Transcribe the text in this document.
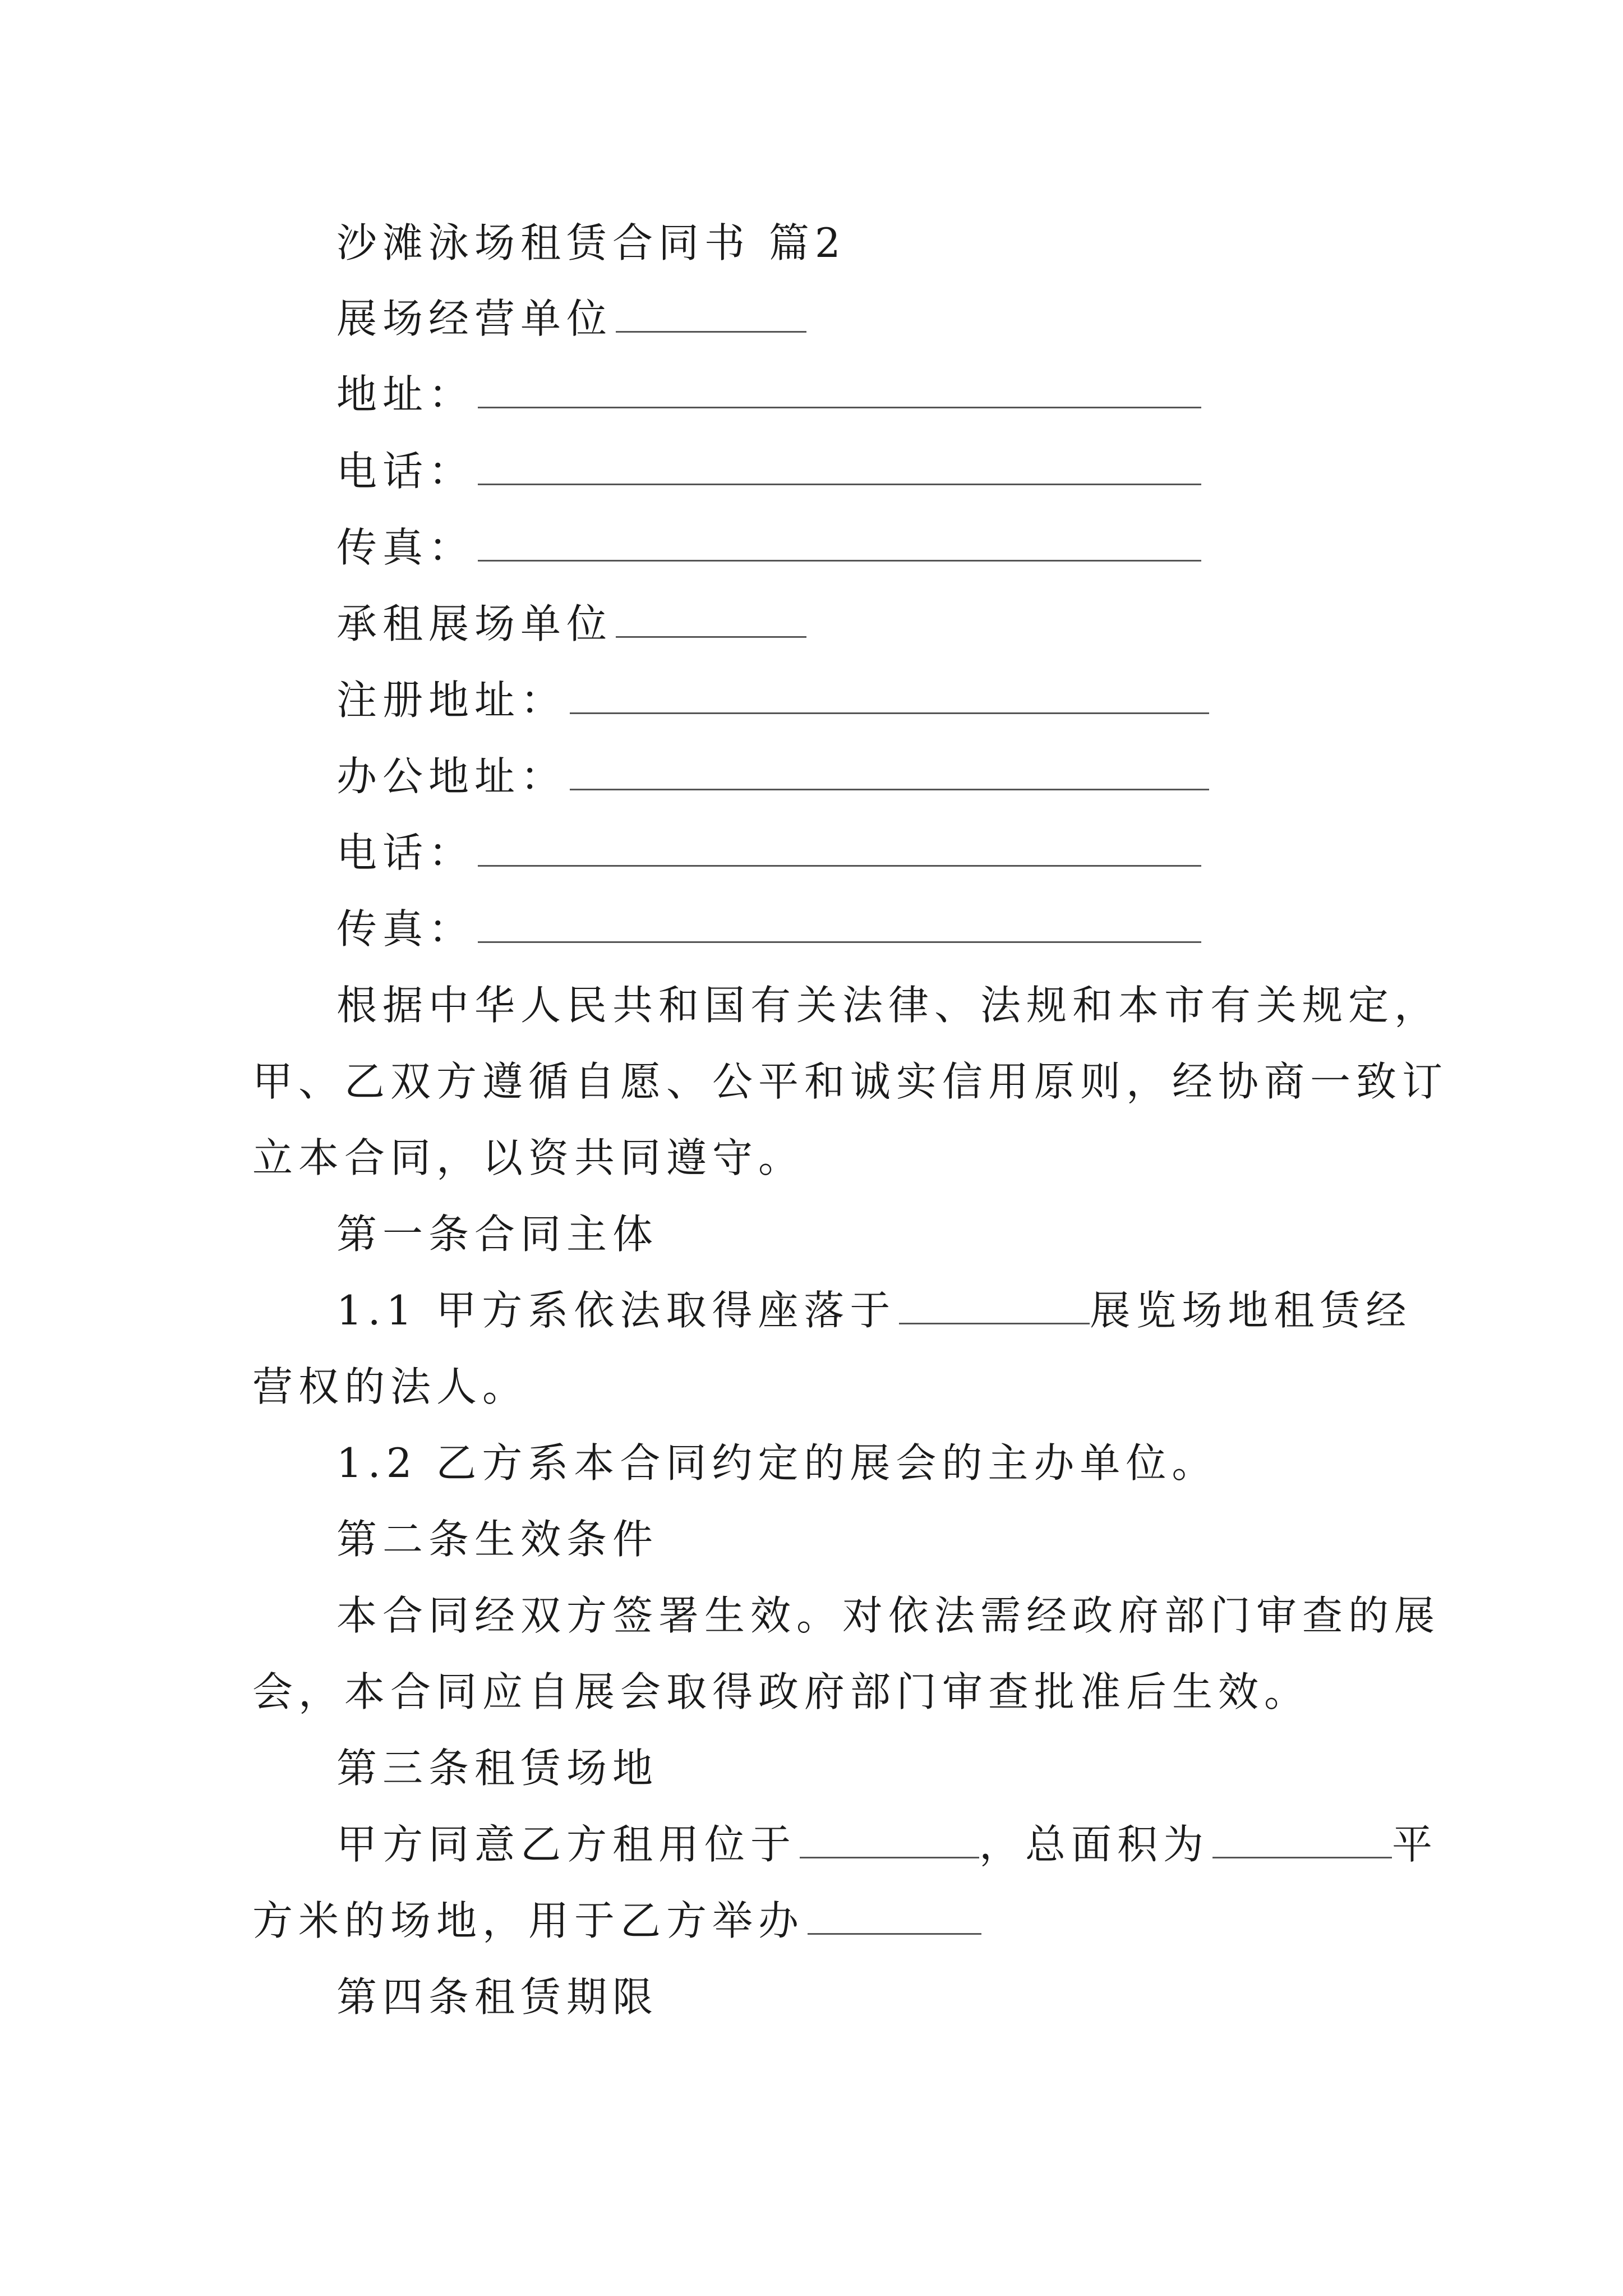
沙滩泳场租赁合同书 篇2
展场经营单位
地址：
电话：
传真：
承租展场单位
注册地址：
办公地址：
电话：
传真：
根据中华人民共和国有关法律、法规和本市有关规定，
甲、乙双方遵循自愿、公平和诚实信用原则，经协商一致订
立本合同，以资共同遵守。
第一条合同主体
1.1 甲方系依法取得座落于	展览场地租赁经
营权的法人。
1.2 乙方系本合同约定的展会的主办单位。
第二条生效条件
本合同经双方签署生效。对依法需经政府部门审查的展
会，本合同应自展会取得政府部门审查批准后生效。
第三条租赁场地
甲方同意乙方租用位于	，总面积为	平
方米的场地，用于乙方举办
第四条租赁期限
